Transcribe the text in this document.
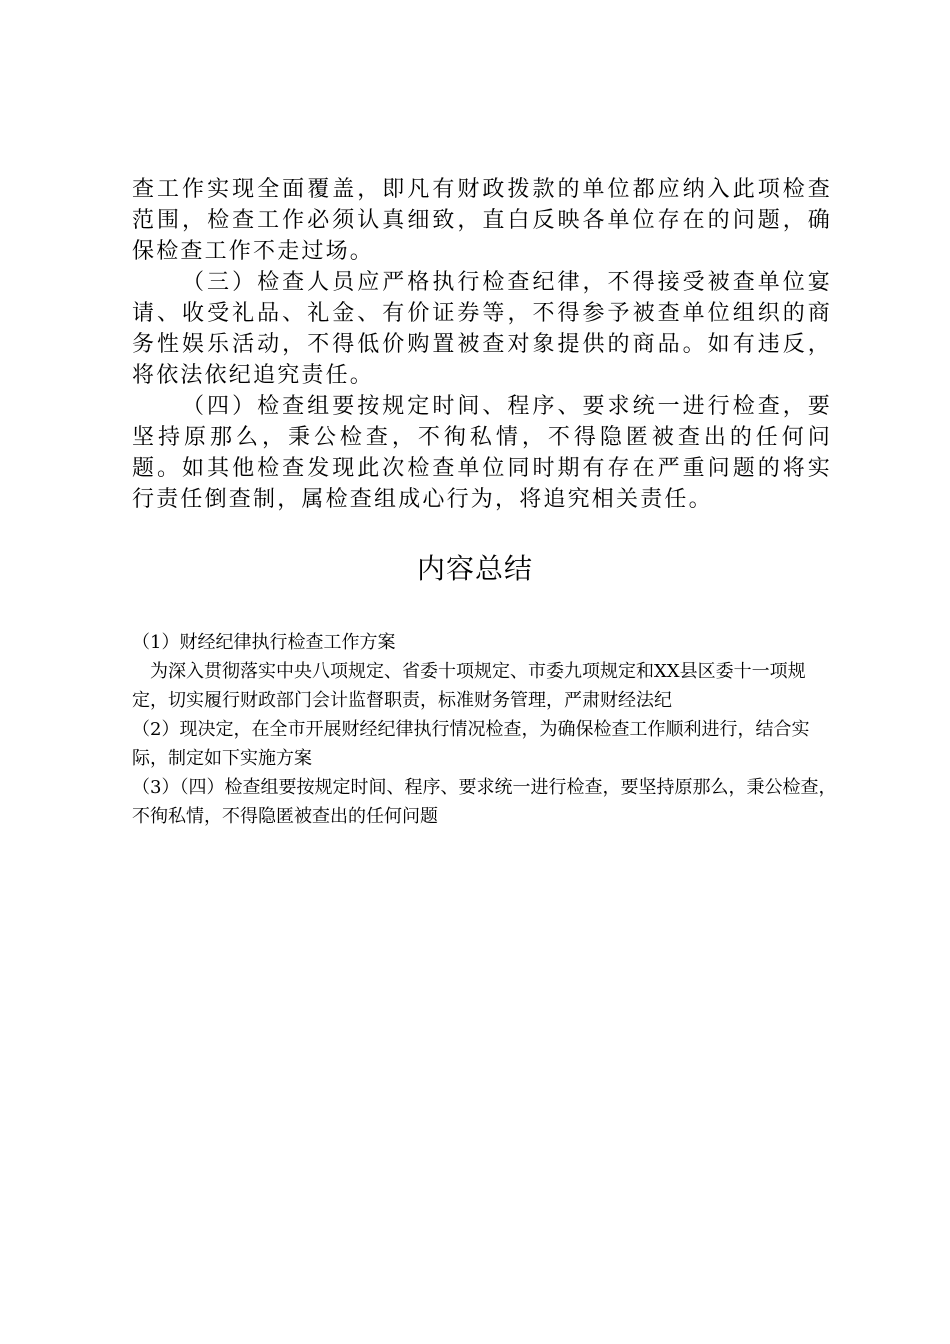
查工作实现全面覆盖，即凡有财政拨款的单位都应纳入此项检查范围，检查工作必须认真细致，直白反映各单位存在的问题，确保检查工作不走过场。

（三）检查人员应严格执行检查纪律，不得接受被查单位宴请、收受礼品、礼金、有价证券等，不得参予被查单位组织的商务性娱乐活动，不得低价购置被查对象提供的商品。如有违反，将依法依纪追究责任。

（四）检查组要按规定时间、程序、要求统一进行检查，要坚持原那么，秉公检查，不徇私情，不得隐匿被查出的任何问题。如其他检查发现此次检查单位同时期有存在严重问题的将实行责任倒查制，属检查组成心行为，将追究相关责任。

内容总结

（1）财经纪律执行检查工作方案

为深入贯彻落实中央八项规定、省委十项规定、市委九项规定和XX县区委十一项规定，切实履行财政部门会计监督职责，标准财务管理，严肃财经法纪

（2）现决定，在全市开展财经纪律执行情况检查，为确保检查工作顺利进行，结合实际，制定如下实施方案

（3）（四）检查组要按规定时间、程序、要求统一进行检查，要坚持原那么，秉公检查，不徇私情，不得隐匿被查出的任何问题
